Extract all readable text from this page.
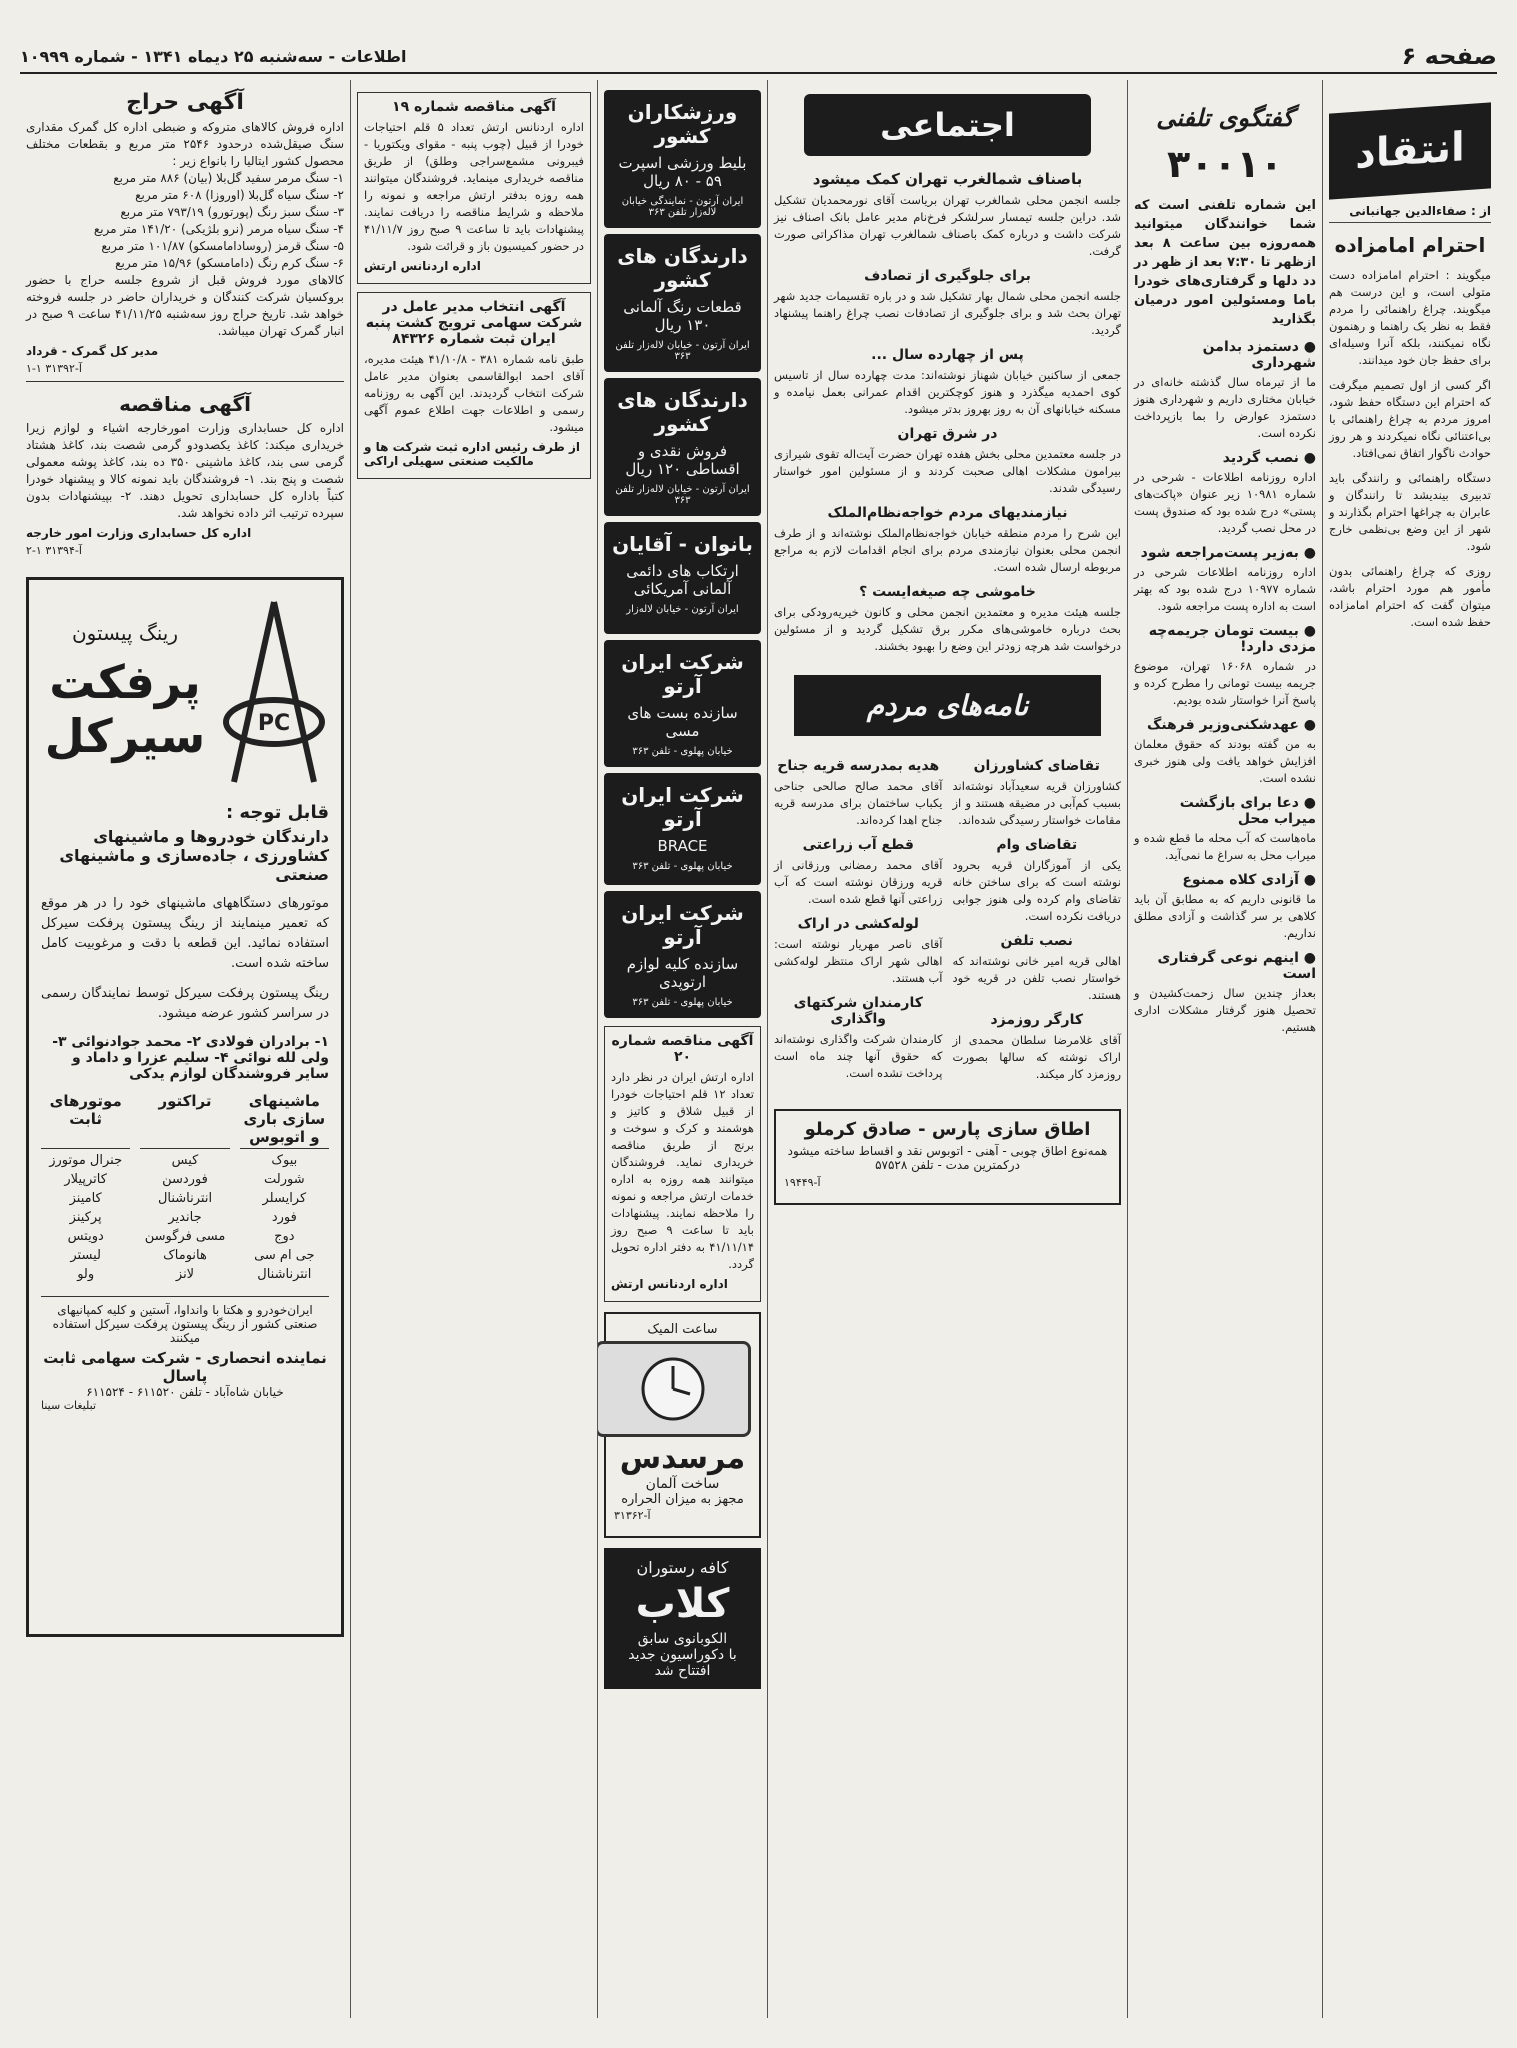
صفحه ۶
اطلاعات - سه‌شنبه ۲۵ دیماه ۱۳۴۱ - شماره ۱۰۹۹۹
انتقاد
از : صفاءالدین جهانبانی
احترام امامزاده

میگویند : احترام امامزاده دست متولی است، و این درست هم میگویند. چراغ راهنمائی را مردم فقط به نظر یک راهنما و رهنمون نگاه نمیکنند، بلکه آنرا وسیله‌ای برای حفظ جان خود میدانند.

اگر کسی از اول تصمیم میگرفت که احترام این دستگاه حفظ شود، امروز مردم به چراغ راهنمائی با بی‌اعتنائی نگاه نمیکردند و هر روز حوادث ناگوار اتفاق نمی‌افتاد.

دستگاه راهنمائی و رانندگی باید تدبیری بیندیشد تا رانندگان و عابران به چراغها احترام بگذارند و شهر از این وضع بی‌نظمی خارج شود.

روزی که چراغ راهنمائی بدون مأمور هم مورد احترام باشد، میتوان گفت که احترام امامزاده حفظ شده است.

گفتگوی تلفنی
۳۰۰۱۰
این شماره تلفنی است که شما خوانندگان میتوانید همه‌روزه بین ساعت ۸ بعد ازظهر تا ۷:۳۰ بعد از ظهر در دد دلها و گرفتاری‌های خودرا باما ومسئولین امور درمیان بگذارید
● دستمزد بدامن شهرداری

ما از تیرماه سال گذشته خانه‌ای در خیابان مختاری داریم و شهرداری هنوز دستمزد عوارض را بما بازپرداخت نکرده است.

● نصب گردید

اداره روزنامه اطلاعات - شرحی در شماره ۱۰۹۸۱ زیر عنوان «پاکت‌های پستی» درج شده بود که صندوق پست در محل نصب گردید.

● به‌زیر پست‌مراجعه شود

اداره روزنامه اطلاعات شرحی در شماره ۱۰۹۷۷ درج شده بود که بهتر است به اداره پست مراجعه شود.

● بیست تومان جریمه‌چه مزدی دارد!

در شماره ۱۶۰۶۸ تهران، موضوع جریمه بیست تومانی را مطرح کرده و پاسخ آنرا خواستار شده بودیم.

● عهدشکنی‌وزیر فرهنگ

به من گفته بودند که حقوق معلمان افزایش خواهد یافت ولی هنوز خبری نشده است.

● دعا برای بازگشت میراب محل

ماه‌هاست که آب محله ما قطع شده و میراب محل به سراغ ما نمی‌آید.

● آزادی کلاه ممنوع

ما قانونی داریم که به مطابق آن باید کلاهی بر سر گذاشت و آزادی مطلق نداریم.

● اینهم نوعی گرفتاری است

بعداز چندین سال زحمت‌کشیدن و تحصیل هنوز گرفتار مشکلات اداری هستیم.

اجتماعی
باصناف شمالغرب تهران کمک میشود

جلسه انجمن محلی شمالغرب تهران بریاست آقای نورمحمدیان تشکیل شد. دراین جلسه تیمسار سرلشکر فرخ‌نام مدیر عامل بانک اصناف نیز شرکت داشت و درباره کمک باصناف شمالغرب تهران مذاکراتی صورت گرفت.

برای جلوگیری از تصادف

جلسه انجمن محلی شمال بهار تشکیل شد و در باره تقسیمات جدید شهر تهران بحث شد و برای جلوگیری از تصادفات نصب چراغ راهنما پیشنهاد گردید.

پس از چهارده سال ...

جمعی از ساکنین خیابان شهناز نوشته‌اند: مدت چهارده سال از تاسیس کوی احمدیه میگذرد و هنوز کوچکترین اقدام عمرانی بعمل نیامده و مسکنه خیابانهای آن به روز بهروز بدتر میشود.

در شرق تهران

در جلسه معتمدین محلی بخش هفده تهران حضرت آیت‌اله تقوی شیرازی بیرامون مشکلات اهالی صحبت کردند و از مسئولین امور خواستار رسیدگی شدند.

نیازمندیهای مردم خواجه‌نظام‌الملک

این شرح را مردم منطقه خیابان خواجه‌نظام‌الملک نوشته‌اند و از طرف انجمن محلی بعنوان نیازمندی مردم برای انجام اقدامات لازم به مراجع مربوطه ارسال شده است.

خاموشی چه صیغه‌ایست ؟

جلسه هیئت مدیره و معتمدین انجمن محلی و کانون خیریه‌رودکی برای بحث درباره خاموشی‌های مکرر برق تشکیل گردید و از مسئولین درخواست شد هرچه زودتر این وضع را بهبود بخشند.

نامه‌های مردم
تقاضای کشاورزان

کشاورزان قریه سعیدآباد نوشته‌اند بسبب کم‌آبی در مضیقه هستند و از مقامات خواستار رسیدگی شده‌اند.

تقاضای وام

یکی از آموزگاران قریه بحرود نوشته است که برای ساختن خانه تقاضای وام کرده ولی هنوز جوابی دریافت نکرده است.

نصب تلفن

اهالی قریه امیر خانی نوشته‌اند که خواستار نصب تلفن در قریه خود هستند.

کارگر روزمزد

آقای غلامرضا سلطان محمدی از اراک نوشته که سالها بصورت روزمزد کار میکند.

هدیه بمدرسه قریه جناح

آقای محمد صالح صالحی جناحی یکباب ساختمان برای مدرسه قریه جناح اهدا کرده‌اند.

قطع آب زراعتی

آقای محمد رمضانی ورزقانی از قریه ورزقان نوشته است که آب زراعتی آنها قطع شده است.

لوله‌کشی در اراک

آقای ناصر مهریار نوشته است: اهالی شهر اراک منتظر لوله‌کشی آب هستند.

کارمندان شرکتهای واگذاری

کارمندان شرکت واگذاری نوشته‌اند که حقوق آنها چند ماه است پرداخت نشده است.

اطاق سازی پارس - صادق کرملو
همه‌نوع اطاق چوبی - آهنی - اتوبوس نقد و اقساط ساخته میشود درکمترین مدت - تلفن ۵۷۵۲۸
آ-۱۹۴۴۹
ورزشکاران کشور
بلیط ورزشی اسپرت ۵۹ - ۸۰ ریال
ایران آرتون - نمایندگی خیابان لاله‌زار تلفن ۳۶۳
دارندگان های کشور
قطعات رنگ آلمانی ۱۳۰ ریال
ایران آرتون - خیابان لاله‌زار تلفن ۳۶۳
دارندگان های کشور
فروش نقدی و اقساطی ۱۲۰ ریال
ایران آرتون - خیابان لاله‌زار تلفن ۳۶۳
بانوان - آقایان
ارتکاب های دائمی آلمانی آمریکائی
ایران آرتون - خیابان لاله‌زار
شرکت ایران آرتو
سازنده بست های مسی
خیابان پهلوی - تلفن ۳۶۳
شرکت ایران آرتو
BRACE
خیابان پهلوی - تلفن ۳۶۳
شرکت ایران آرتو
سازنده کلیه لوازم ارتوپدی
خیابان پهلوی - تلفن ۳۶۳
آگهی مناقصه شماره ۲۰
اداره ارتش ایران در نظر دارد تعداد ۱۲ قلم احتیاجات خودرا از قبیل شلاق و کاتیز و هوشمند و کرک و سوخت و برنج از طریق مناقصه خریداری نماید. فروشندگان میتوانند همه روزه به اداره خدمات ارتش مراجعه و نمونه را ملاحظه نمایند. پیشنهادات باید تا ساعت ۹ صبح روز ۴۱/۱۱/۱۴ به دفتر اداره تحویل گردد.
اداره اردنانس ارتش
ساعت المیک
مرسدس
ساخت آلمان
مجهز به میزان الحراره
آ-۳۱۳۶۲
کافه رستوران
کلاب
الکوبانوی سابق
با دکوراسیون جدید افتتاح شد
آگهی مناقصه شماره ۱۹
اداره اردنانس ارتش تعداد ۵ قلم احتیاجات خودرا از قبیل (چوب پنبه - مقوای ویکتوریا - فیبرونی مشمع‌سراجی وطلق) از طریق مناقصه خریداری مینماید. فروشندگان میتوانند همه روزه بدفتر ارتش مراجعه و نمونه را ملاحظه و شرایط مناقصه را دریافت نمایند. پیشنهادات باید تا ساعت ۹ صبح روز ۴۱/۱۱/۷ در حضور کمیسیون باز و قرائت شود.
اداره اردنانس ارتش
آگهی انتخاب مدیر عامل در شرکت سهامی ترویج کشت پنبه ایران ثبت شماره ۸۴۳۲۶
طبق نامه شماره ۳۸۱ - ۴۱/۱۰/۸ هیئت مدیره، آقای احمد ابوالقاسمی بعنوان مدیر عامل شرکت انتخاب گردیدند. این آگهی به روزنامه رسمی و اطلاعات جهت اطلاع عموم آگهی میشود.
از طرف رئیس اداره ثبت شرکت ها و مالکیت صنعتی سهیلی اراکی
آگهی حراج
اداره فروش کالاهای متروکه و ضبطی اداره کل گمرک مقداری سنگ صیقل‌شده درحدود ۲۵۴۶ متر مربع و بقطعات مختلف محصول کشور ایتالیا را بانواع زیر :
۱- سنگ مرمر سفید گل‌بلا (بیان) ۸۸۶ متر مربع
۲- سنگ سیاه گل‌بلا (اوروزا) ۶۰۸ متر مربع
۳- سنگ سبز رنگ (پورتورو) ۷۹۳/۱۹ متر مربع
۴- سنگ سیاه مرمر (نرو بلژیکی) ۱۴۱/۲۰ متر مربع
۵- سنگ قرمز (روسادامامسکو) ۱۰۱/۸۷ متر مربع
۶- سنگ کرم رنگ (دامامسکو) ۱۵/۹۶ متر مربع
کالاهای مورد فروش قبل از شروع جلسه حراج با حضور بروکسیان شرکت کنندگان و خریداران حاضر در جلسه فروخته خواهد شد. تاریخ حراج روز سه‌شنبه ۴۱/۱۱/۲۵ ساعت ۹ صبح در انبار گمرک تهران میباشد.
مدیر کل گمرک - قرداد
آ-۳۱۳۹۲ ۱-۱
آگهی مناقصه
اداره کل حسابداری وزارت امورخارجه اشیاء و لوازم زیرا خریداری میکند: کاغذ یکصدودو گرمی شصت بند، کاغذ هشتاد گرمی سی بند، کاغذ ماشینی ۳۵۰ ده بند، کاغذ پوشه معمولی شصت و پنج بند. ۱- فروشندگان باید نمونه کالا و پیشنهاد خودرا کتباً باداره کل حسابداری تحویل دهند. ۲- بپیشنهادات بدون سپرده ترتیب اثر داده نخواهد شد.
اداره کل حسابداری وزارت امور خارجه
آ-۳۱۳۹۴ ۱-۲
PC
رینگ پیستون
پرفکت سیرکل
قابل توجه :
دارندگان خودروها و ماشینهای کشاورزی ، جاده‌سازی و ماشینهای صنعتی
موتورهای دستگاههای ماشینهای خود را در هر موقع که تعمیر مینمایند از رینگ پیستون پرفکت سیرکل استفاده نمائید. این قطعه با دقت و مرغوبیت کامل ساخته شده است.
رینگ پیستون پرفکت سیرکل توسط نمایندگان رسمی در سراسر کشور عرضه میشود.
۱- برادران فولادی ۲- محمد جوادنوائی ۳- ولی لله نوائی ۴- سلیم عزرا و داماد و سایر فروشندگان لوازم یدکی
ماشینهای سازی باری و اتوبوس
تراکتور
موتورهای ثابت
بیوک
کیس
جنرال موتورز
شورلت
فوردسن
کاترپیلار
کرایسلر
انترناشنال
کامینز
فورد
جاندیر
پرکینز
دوج
مسی فرگوسن
دویتس
جی ام سی
هانوماک
لیستر
انترناشنال
لانز
ولو
ایران‌خودرو و هکتا با وانداوا، آستین و کلیه کمپانیهای صنعتی کشور از رینگ پیستون پرفکت سیرکل استفاده میکنند
نماینده انحصاری - شرکت سهامی ثابت پاسال
خیابان شاه‌آباد - تلفن ۶۱۱۵۲۰ - ۶۱۱۵۲۴
تبلیغات سینا
